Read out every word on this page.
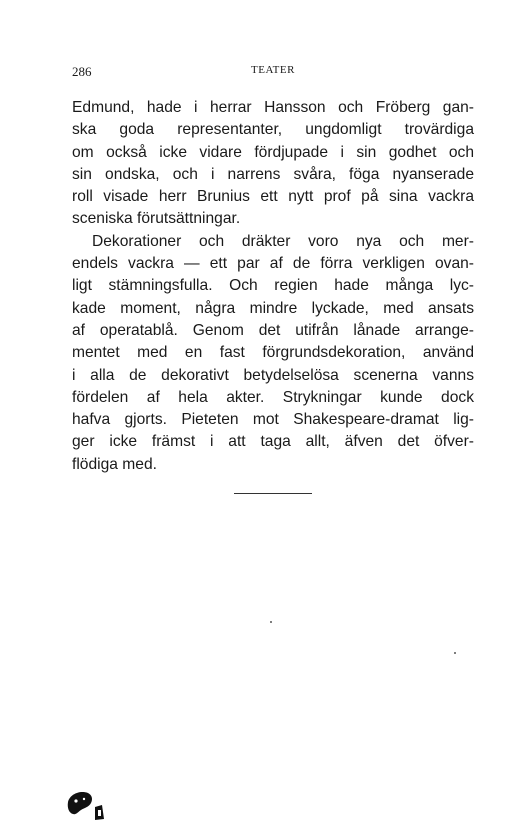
286	TEATER
Edmund, hade i herrar Hansson och Fröberg gan-
ska goda representanter, ungdomligt trovärdiga
om också icke vidare fördjupade i sin godhet och
sin ondska, och i narrens svåra, föga nyanserade
roll visade herr Brunius ett nytt prof på sina vackra
sceniska förutsättningar.
Dekorationer och dräkter voro nya och mer-
endels vackra — ett par af de förra verkligen ovan-
ligt stämningsfulla. Och regien hade många lyc-
kade moment, några mindre lyckade, med ansats
af operatablå. Genom det utifrån lånade arrange-
mentet med en fast förgrundsdekoration, använd
i alla de dekorativt betydelselösa scenerna vanns
fördelen af hela akter. Strykningar kunde dock
hafva gjorts. Pieteten mot Shakespeare-dramat lig-
ger icke främst i att taga allt, äfven det öfver-
flödiga med.
